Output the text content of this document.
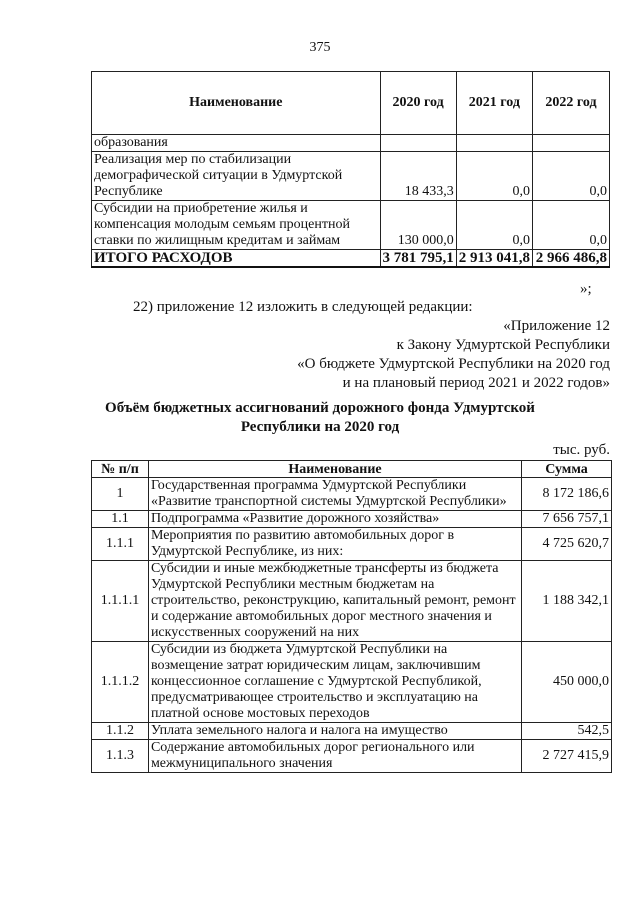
375
Наименование	2020 год	2021 год	2022 год
образования			
Реализация мер по стабилизации демографической ситуации в Удмуртской Республике	18 433,3	0,0	0,0
Субсидии на приобретение жилья и компенсация молодым семьям процентной ставки по жилищным кредитам и займам	130 000,0	0,0	0,0
ИТОГО РАСХОДОВ	3 781 795,1	2 913 041,8	2 966 486,8
»;
22) приложение 12 изложить в следующей редакции:
«Приложение 12
к Закону Удмуртской Республики
«О бюджете Удмуртской Республики на 2020 год
и на плановый период 2021 и 2022 годов»
Объём бюджетных ассигнований дорожного фонда Удмуртской Республики на 2020 год
тыс. руб.
№ п/п	Наименование	Сумма
1	Государственная программа Удмуртской Республики «Развитие транспортной системы Удмуртской Республики»	8 172 186,6
1.1	Подпрограмма «Развитие дорожного хозяйства»	7 656 757,1
1.1.1	Мероприятия по развитию автомобильных дорог в Удмуртской Республике, из них:	4 725 620,7
1.1.1.1	Субсидии и иные межбюджетные трансферты из бюджета Удмуртской Республики местным бюджетам на строительство, реконструкцию, капитальный ремонт, ремонт и содержание автомобильных дорог местного значения и искусственных сооружений на них	1 188 342,1
1.1.1.2	Субсидии из бюджета Удмуртской Республики на возмещение затрат юридическим лицам, заключившим концессионное соглашение с Удмуртской Республикой, предусматривающее строительство и эксплуатацию на платной основе мостовых переходов	450 000,0
1.1.2	Уплата земельного налога и налога на имущество	542,5
1.1.3	Содержание автомобильных дорог регионального или межмуниципального значения	2 727 415,9
